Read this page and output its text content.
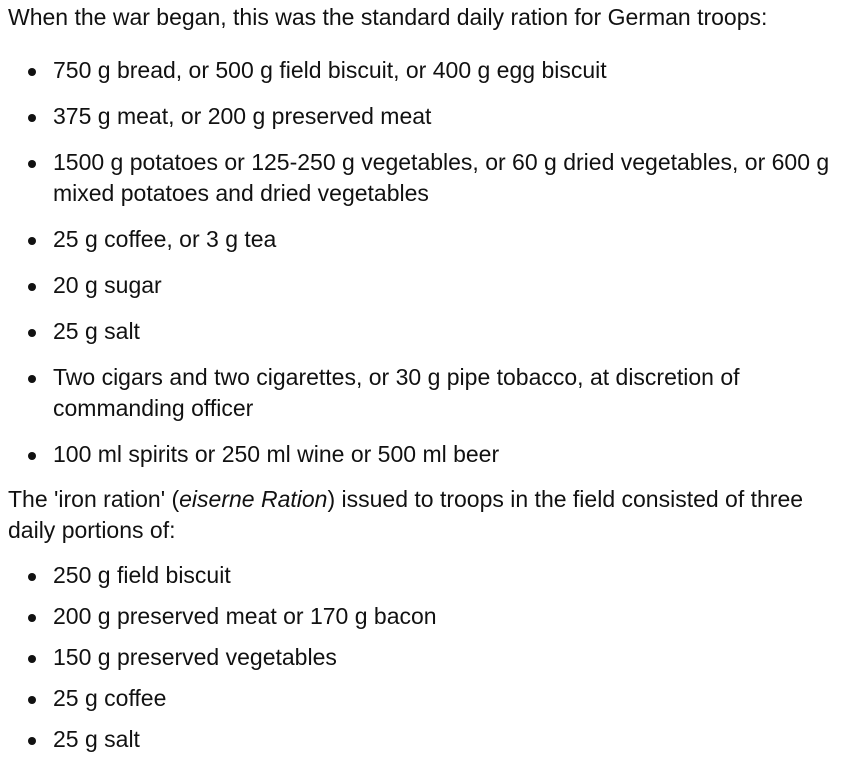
When the war began, this was the standard daily ration for German troops:

750 g bread, or 500 g field biscuit, or 400 g egg biscuit
375 g meat, or 200 g preserved meat
1500 g potatoes or 125-250 g vegetables, or 60 g dried vegetables, or 600 g mixed potatoes and dried vegetables
25 g coffee, or 3 g tea
20 g sugar
25 g salt
Two cigars and two cigarettes, or 30 g pipe tobacco, at discretion of commanding officer
100 ml spirits or 250 ml wine or 500 ml beer

The 'iron ration' (eiserne Ration) issued to troops in the field consisted of three daily portions of:

250 g field biscuit
200 g preserved meat or 170 g bacon
150 g preserved vegetables
25 g coffee
25 g salt
